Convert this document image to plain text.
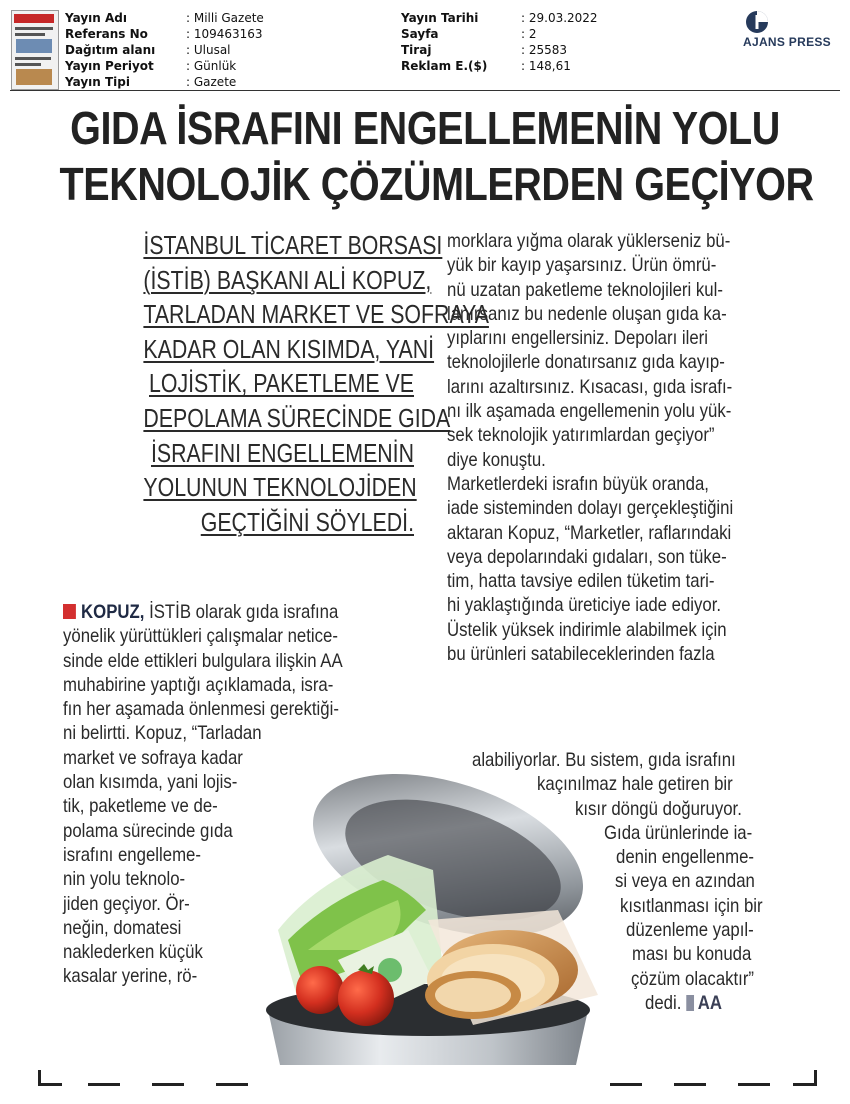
Yayın Adı	: Milli Gazete
Referans No	: 109463163
Dağıtım alanı	: Ulusal
Yayın Periyot	: Günlük
Yayın Tipi	: Gazete
Yayın Tarihi	: 29.03.2022
Sayfa	: 2
Tiraj	: 25583
Reklam E.($)	: 148,61
AJANS PRESS
GIDA İSRAFINI ENGELLEMENİN YOLU
TEKNOLOJİK ÇÖZÜMLERDEN GEÇİYOR
İSTANBUL TİCARET BORSASI
(İSTİB) BAŞKANI ALİ KOPUZ,
TARLADAN MARKET VE SOFRAYA
KADAR OLAN KISIMDA, YANİ
LOJİSTİK, PAKETLEME VE
DEPOLAMA SÜRECİNDE GIDA
İSRAFINI ENGELLEMENİN
YOLUNUN TEKNOLOJİDEN
GEÇTİĞİNİ SÖYLEDİ.
KOPUZ, İSTİB olarak gıda israfına
yönelik yürüttükleri çalışmalar netice-
sinde elde ettikleri bulgulara ilişkin AA
muhabirine yaptığı açıklamada, isra-
fın her aşamada önlenmesi gerektiği-
ni belirtti. Kopuz, “Tarladan
market ve sofraya kadar
olan kısımda, yani lojis-
tik, paketleme ve de-
polama sürecinde gıda
israfını engelleme-
nin yolu teknolo-
jiden geçiyor. Ör-
neğin, domatesi
naklederken küçük
kasalar yerine, rö-
morklara yığma olarak yüklerseniz bü-
yük bir kayıp yaşarsınız. Ürün ömrü-
nü uzatan paketleme teknolojileri kul-
lanırsanız bu nedenle oluşan gıda ka-
yıplarını engellersiniz. Depoları ileri
teknolojilerle donatırsanız gıda kayıp-
larını azaltırsınız. Kısacası, gıda israfı-
nı ilk aşamada engellemenin yolu yük-
sek teknolojik yatırımlardan geçiyor”
diye konuştu.
Marketlerdeki israfın büyük oranda,
iade sisteminden dolayı gerçekleştiğini
aktaran Kopuz, “Marketler, raflarındaki
veya depolarındaki gıdaları, son tüke-
tim, hatta tavsiye edilen tüketim tari-
hi yaklaştığında üreticiye iade ediyor.
Üstelik yüksek indirimle alabilmek için
bu ürünleri satabileceklerinden fazla
alabiliyorlar. Bu sistem, gıda israfını
kaçınılmaz hale getiren bir
kısır döngü doğuruyor.
Gıda ürünlerinde ia-
denin engellenme-
si veya en azından
kısıtlanması için bir
düzenleme yapıl-
ması bu konuda
çözüm olacaktır”
dedi. AA
